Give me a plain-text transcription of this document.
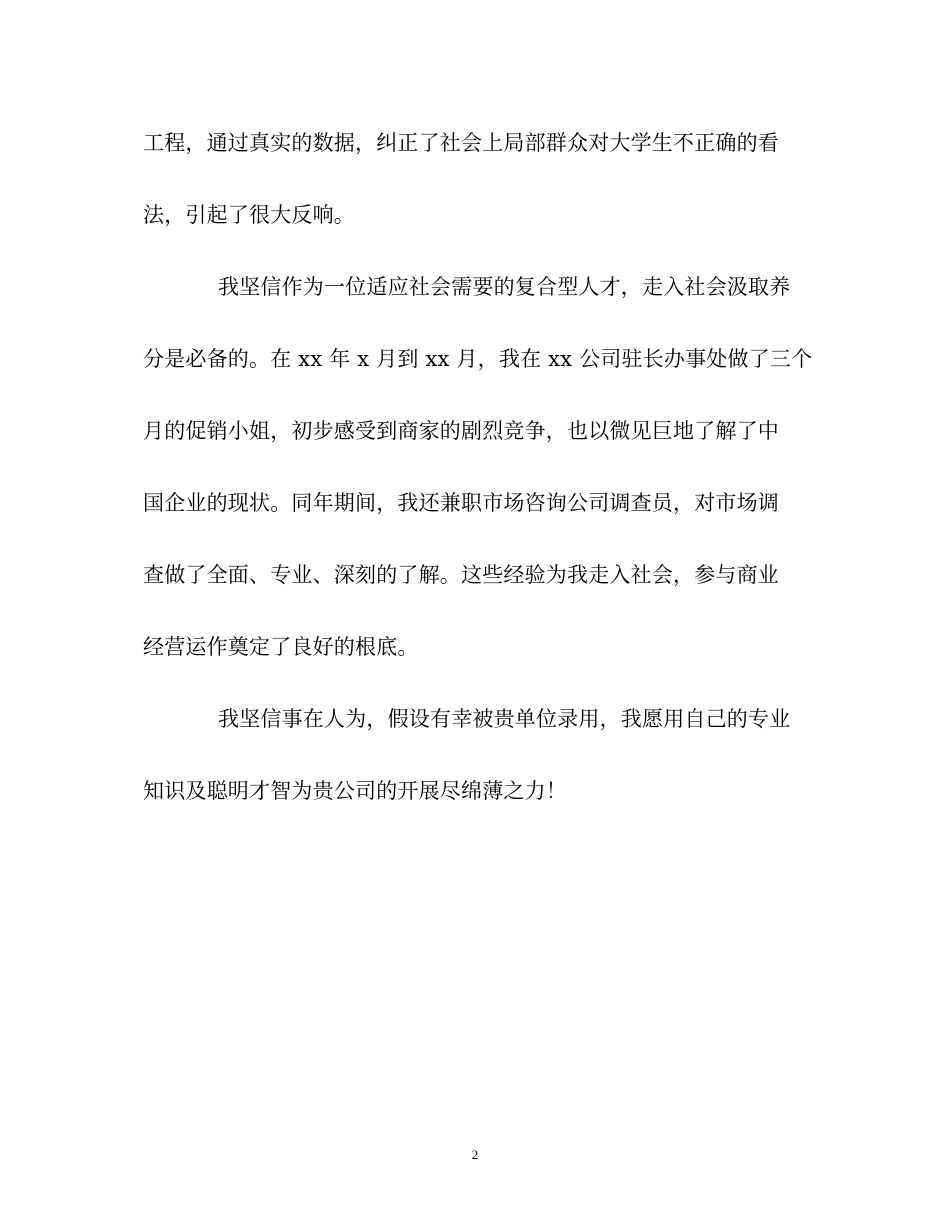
工程，通过真实的数据，纠正了社会上局部群众对大学生不正确的看
法，引起了很大反响。
我坚信作为一位适应社会需要的复合型人才，走入社会汲取养
分是必备的。在 xx 年 x 月到 xx 月，我在 xx 公司驻长办事处做了三个
月的促销小姐，初步感受到商家的剧烈竞争，也以微见巨地了解了中
国企业的现状。同年期间，我还兼职市场咨询公司调查员，对市场调
查做了全面、专业、深刻的了解。这些经验为我走入社会，参与商业
经营运作奠定了良好的根底。
我坚信事在人为，假设有幸被贵单位录用，我愿用自己的专业
知识及聪明才智为贵公司的开展尽绵薄之力！
2
